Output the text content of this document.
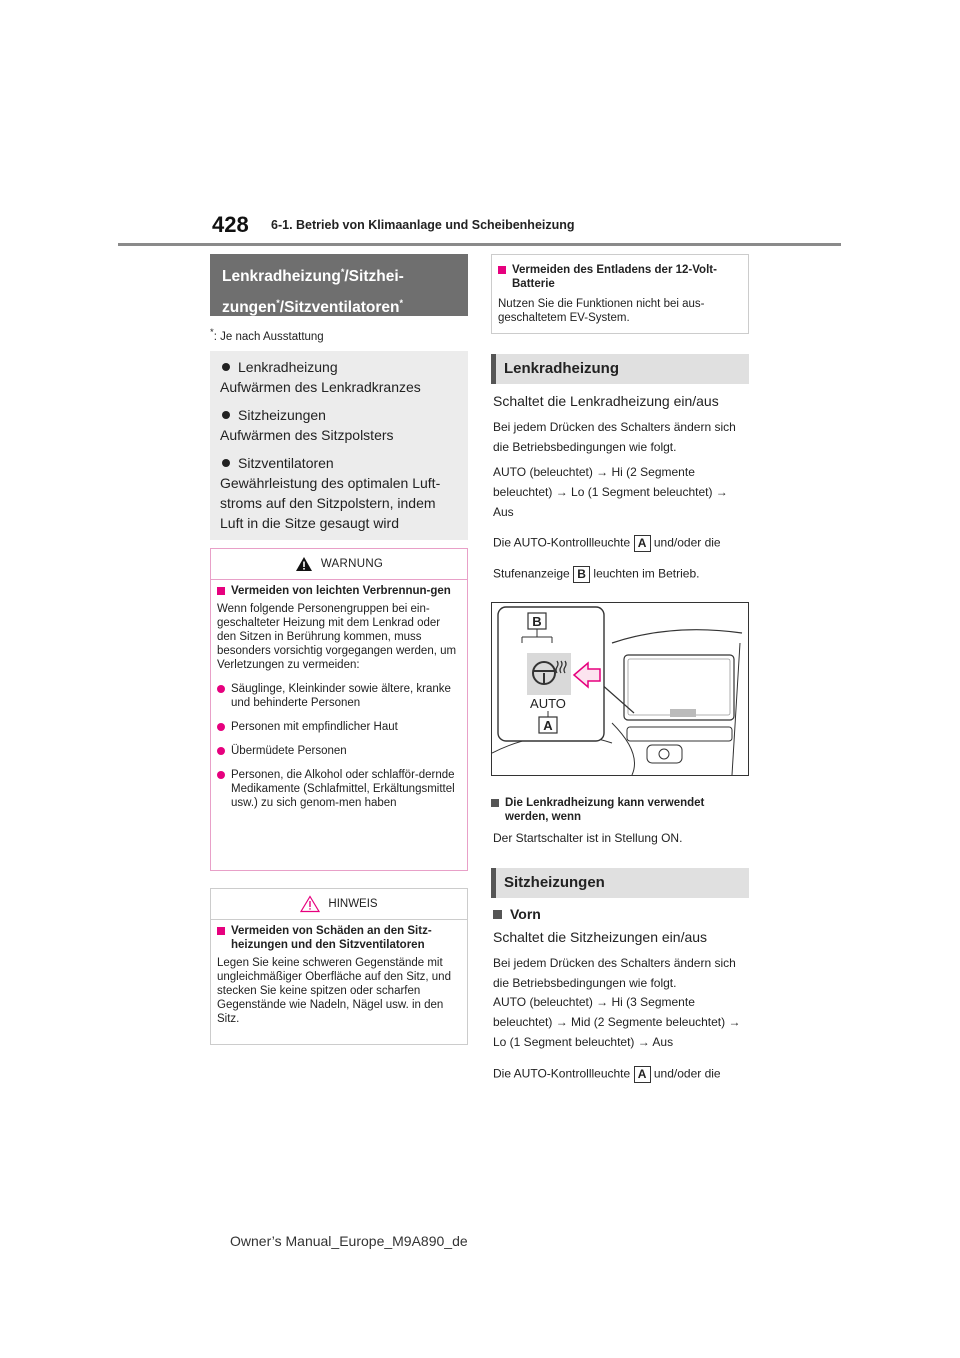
428 6-1. Betrieb von Klimaanlage und Scheibenheizung
Lenkradheizung*/Sitzhei-
zungen*/Sitzventilatoren*
*: Je nach Ausstattung
Lenkradheizung
Aufwärmen des Lenkradkranzes
Sitzheizungen
Aufwärmen des Sitzpolsters
Sitzventilatoren
Gewährleistung des optimalen Luft-stroms auf den Sitzpolstern, indem Luft in die Sitze gesaugt wird
WARNUNG
Vermeiden von leichten Verbrennun-gen
Wenn folgende Personengruppen bei ein-geschalteter Heizung mit dem Lenkrad oder den Sitzen in Berührung kommen, muss besonders vorsichtig vorgegangen werden, um Verletzungen zu vermeiden:
Säuglinge, Kleinkinder sowie ältere, kranke und behinderte Personen
Personen mit empfindlicher Haut
Übermüdete Personen
Personen, die Alkohol oder schlafför-dernde Medikamente (Schlafmittel, Erkältungsmittel usw.) zu sich genom-men haben
HINWEIS
Vermeiden von Schäden an den Sitz-heizungen und den Sitzventilatoren
Legen Sie keine schweren Gegenstände mit ungleichmäßiger Oberfläche auf den Sitz, und stecken Sie keine spitzen oder scharfen Gegenstände wie Nadeln, Nägel usw. in den Sitz.
Vermeiden des Entladens der 12-Volt-Batterie
Nutzen Sie die Funktionen nicht bei aus-geschaltetem EV-System.
Lenkradheizung
Schaltet die Lenkradheizung ein/aus
Bei jedem Drücken des Schalters ändern sich die Betriebsbedingungen wie folgt.
AUTO (beleuchtet) → Hi (2 Segmente beleuchtet) → Lo (1 Segment beleuchtet) → Aus
Die AUTO-Kontrollleuchte A und/oder die
Stufenanzeige B leuchten im Betrieb.
B
AUTO
A
Die Lenkradheizung kann verwendet werden, wenn
Der Startschalter ist in Stellung ON.
Sitzheizungen
Vorn
Schaltet die Sitzheizungen ein/aus
Bei jedem Drücken des Schalters ändern sich die Betriebsbedingungen wie folgt.
AUTO (beleuchtet) → Hi (3 Segmente beleuchtet) → Mid (2 Segmente beleuchtet) → Lo (1 Segment beleuchtet) → Aus
Die AUTO-Kontrollleuchte A und/oder die
Owner’s Manual_Europe_M9A890_de
